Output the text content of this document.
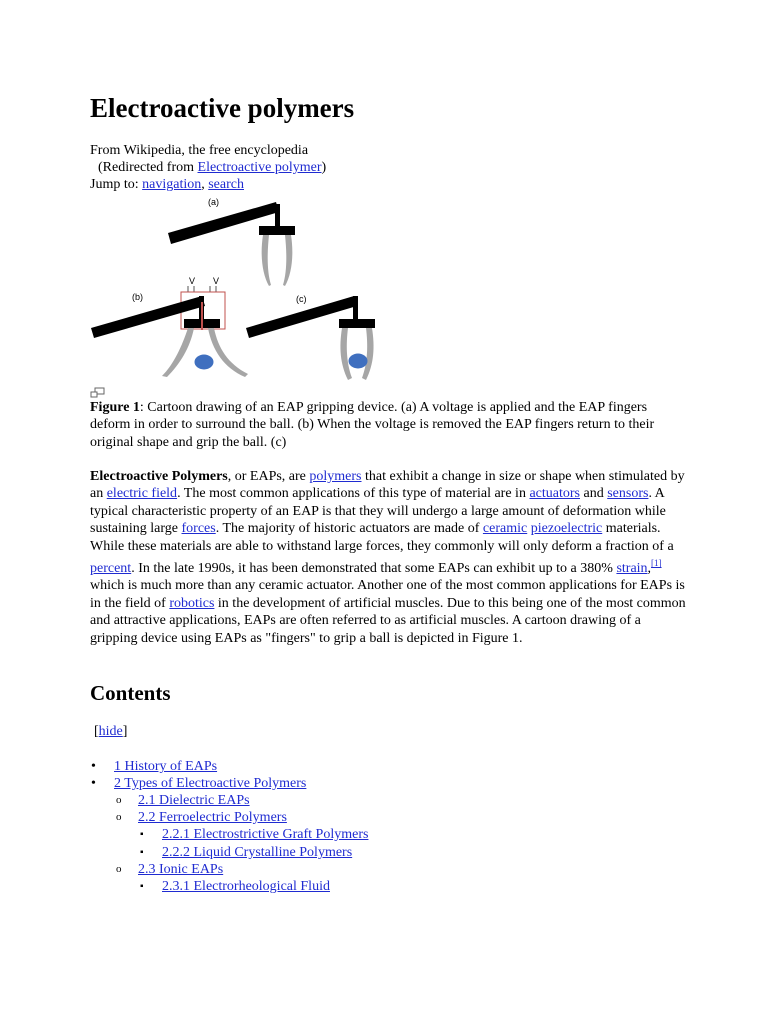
Electroactive polymers
From Wikipedia, the free encyclopedia
(Redirected from Electroactive polymer)
Jump to: navigation, search
(a)
(b)
V V
(c)
Figure 1: Cartoon drawing of an EAP gripping device. (a) A voltage is applied and the EAP fingers deform in order to surround the ball. (b) When the voltage is removed the EAP fingers return to their original shape and grip the ball. (c)
Electroactive Polymers, or EAPs, are polymers that exhibit a change in size or shape when stimulated by an electric field. The most common applications of this type of material are in actuators and sensors. A typical characteristic property of an EAP is that they will undergo a large amount of deformation while sustaining large forces. The majority of historic actuators are made of ceramic piezoelectric materials. While these materials are able to withstand large forces, they commonly will only deform a fraction of a percent. In the late 1990s, it has been demonstrated that some EAPs can exhibit up to a 380% strain,[1] which is much more than any ceramic actuator. Another one of the most common applications for EAPs is in the field of robotics in the development of artificial muscles. Due to this being one of the most common and attractive applications, EAPs are often referred to as artificial muscles. A cartoon drawing of a gripping device using EAPs as "fingers" to grip a ball is depicted in Figure 1.
Contents
[hide]
• 1 History of EAPs
• 2 Types of Electroactive Polymers
o 2.1 Dielectric EAPs
o 2.2 Ferroelectric Polymers
▪ 2.2.1 Electrostrictive Graft Polymers
▪ 2.2.2 Liquid Crystalline Polymers
o 2.3 Ionic EAPs
▪ 2.3.1 Electrorheological Fluid
